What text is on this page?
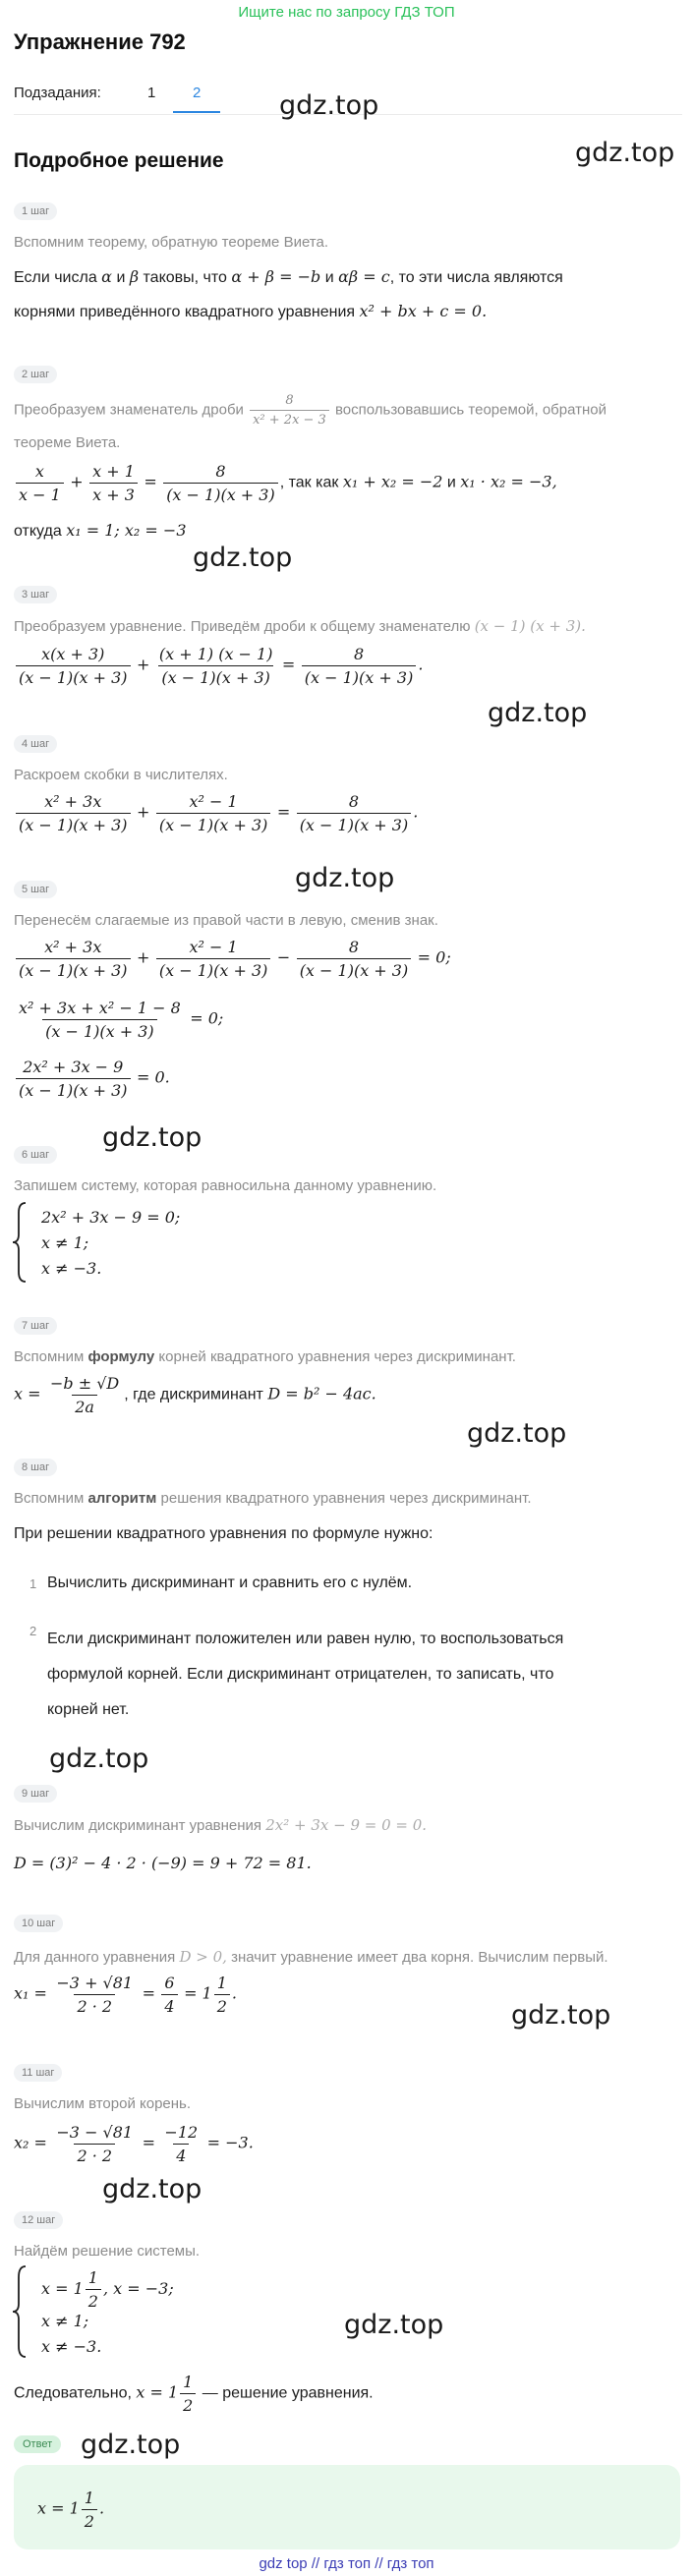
Ищите нас по запросу ГДЗ ТОП
Упражнение 792
Подзадания:	1	2	gdz.top
gdz.top
gdz.top
gdz.top
gdz.top
gdz.top
gdz.top
gdz.top
gdz.top
gdz.top
gdz.top
gdz.top
Подробное решение
1 шаг
Вспомним теорему, обратную теореме Виета.
Если числа α и β таковы, что α + β = −b и αβ = c, то эти числа являются
корнями приведённого квадратного уравнения x² + bx + c = 0.
2 шаг
Преобразуем знаменатель дроби $\frac{8}{\text{x² + 2x − 3}}$ воспользовавшись теоремой, обратной
теореме Виета.
$\frac{x}{x - 1} + \frac{x + 1}{x + 3} = \frac{8}{(x - 1)(x + 3)}$ , так как x₁ + x₂ = −2 и x₁ · x₂ = −3,
откуда x₁ = 1; x₂ = −3
3 шаг
Преобразуем уравнение. Приведём дроби к общему знаменателю (x − 1) (x + 3).
$\frac{x(x + 3)}{(x - 1)(x + 3)} + \frac{(x + 1) (x - 1)}{(x - 1)(x + 3)} = \frac{8}{(x - 1)(x + 3)}$ .
4 шаг
Раскроем скобки в числителях.
$\frac{\text{x² + 3x}}{(x - 1)(x + 3)} + \frac{\text{x² − 1}}{(x - 1)(x + 3)} = \frac{8}{(x - 1)(x + 3)}$ .
5 шаг
Перенесём слагаемые из правой части в левую, сменив знак.
$\frac{\text{x² + 3x}}{(x - 1)(x + 3)} + \frac{\text{x² − 1}}{(x - 1)(x + 3)} - \frac{8}{(x - 1)(x + 3)} = 0$;
$\frac{\text{x² + 3x + x² − 1 − 8}}{(x - 1)(x + 3)} = 0$;
$\frac{\text{2x² + 3x − 9}}{(x - 1)(x + 3)} = 0$.
6 шаг
Запишем систему, которая равносильна данному уравнению.
2x² + 3x − 9 = 0;
x ≠ 1;
x ≠ −3.
7 шаг
Вспомним формулу корней квадратного уравнения через дискриминант.
$x = \frac{-b \pm √D}{2a}$ , где дискриминант D = b² − 4ac.
8 шаг
Вспомним алгоритм решения квадратного уравнения через дискриминант.
При решении квадратного уравнения по формуле нужно:
1 Вычислить дискриминант и сравнить его с нулём.
2 Если дискриминант положителен или равен нулю, то воспользоваться
формулой корней. Если дискриминант отрицателен, то записать, что
корней нет.
9 шаг
Вычислим дискриминант уравнения 2x² + 3x − 9 = 0 = 0.
D = (3)² − 4 · 2 · (−9) = 9 + 72 = 81.
10 шаг
Для данного уравнения D > 0, значит уравнение имеет два корня. Вычислим первый.
$x_1 = \frac{-3 + √81}{2 \cdot 2} = \frac{6}{4} = 1 \frac{1}{2}$ .
11 шаг
Вычислим второй корень.
$x_2 = \frac{-3 - √81}{2 \cdot 2} = \frac{-12}{4} = -3$.
12 шаг
Найдём решение системы.
$x = 1 \frac{1}{2}$ , x = −3;
x ≠ 1;
x ≠ −3.
Следовательно, $x = 1 \frac{1}{2}$ — решение уравнения.
Ответ
$x = 1 \frac{1}{2}$ .
gdz top // гдз топ // гдз топ
